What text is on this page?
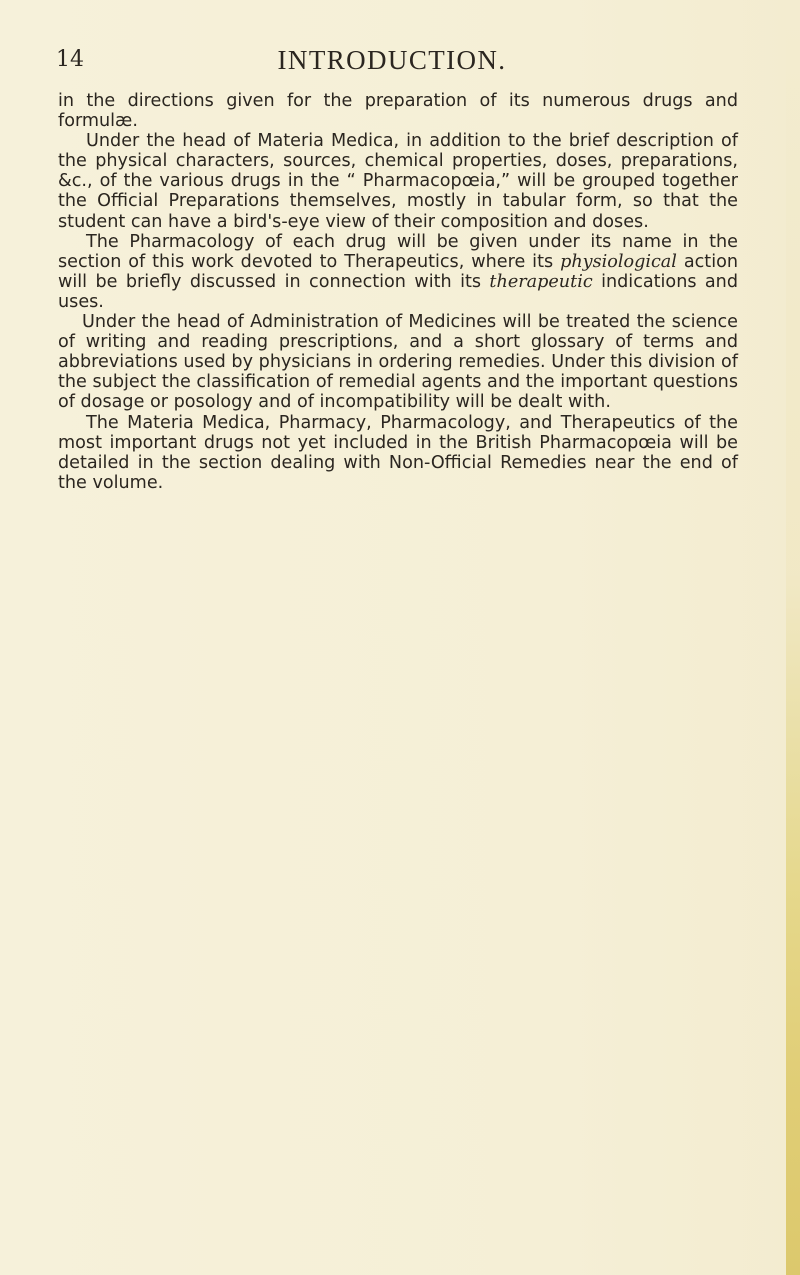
14	INTRODUCTION.

in the directions given for the preparation of its numerous drugs and formulæ.

Under the head of Materia Medica, in addition to the brief description of the physical characters, sources, chemical properties, doses, preparations, &c., of the various drugs in the “ Pharmacopœia,” will be grouped together the Official Preparations themselves, mostly in tabular form, so that the student can have a bird's-eye view of their composition and doses.

The Pharmacology of each drug will be given under its name in the section of this work devoted to Therapeutics, where its physiological action will be briefly discussed in connection with its therapeutic indications and uses.

Under the head of Administration of Medicines will be treated the science of writing and reading prescriptions, and a short glossary of terms and abbreviations used by physicians in ordering remedies. Under this division of the subject the classification of remedial agents and the important questions of dosage or posology and of incompatibility will be dealt with.

The Materia Medica, Pharmacy, Pharmacology, and Therapeutics of the most important drugs not yet included in the British Pharmacopœia will be detailed in the section dealing with Non-Official Remedies near the end of the volume.
